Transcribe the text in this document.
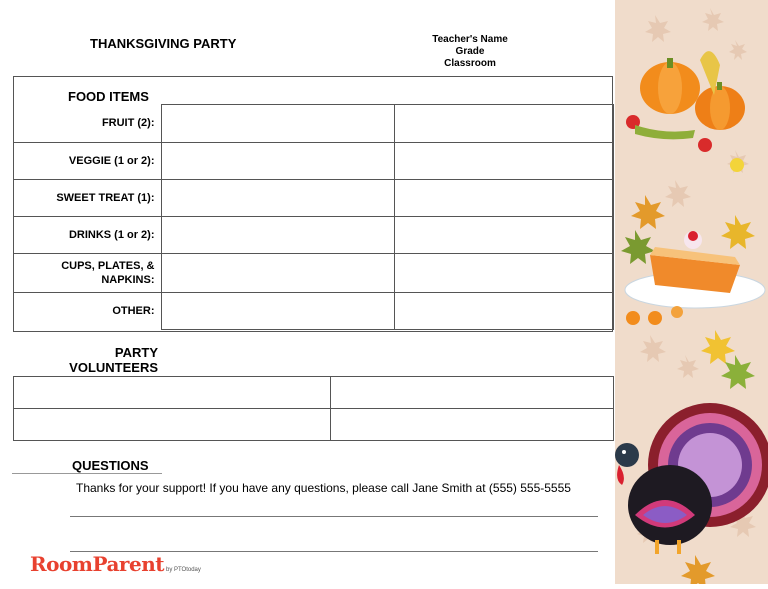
THANKSGIVING PARTY	Teacher's Name
Grade
Classroom
FOOD ITEMS
FRUIT (2):		
VEGGIE (1 or 2):		
SWEET TREAT (1):		
DRINKS (1 or 2):		
CUPS, PLATES, & NAPKINS:		
OTHER:		
PARTY VOLUNTEERS

QUESTIONS
Thanks for your support! If you have any questions, please call Jane Smith at (555) 555-5555
RoomParent by PTOtoday
